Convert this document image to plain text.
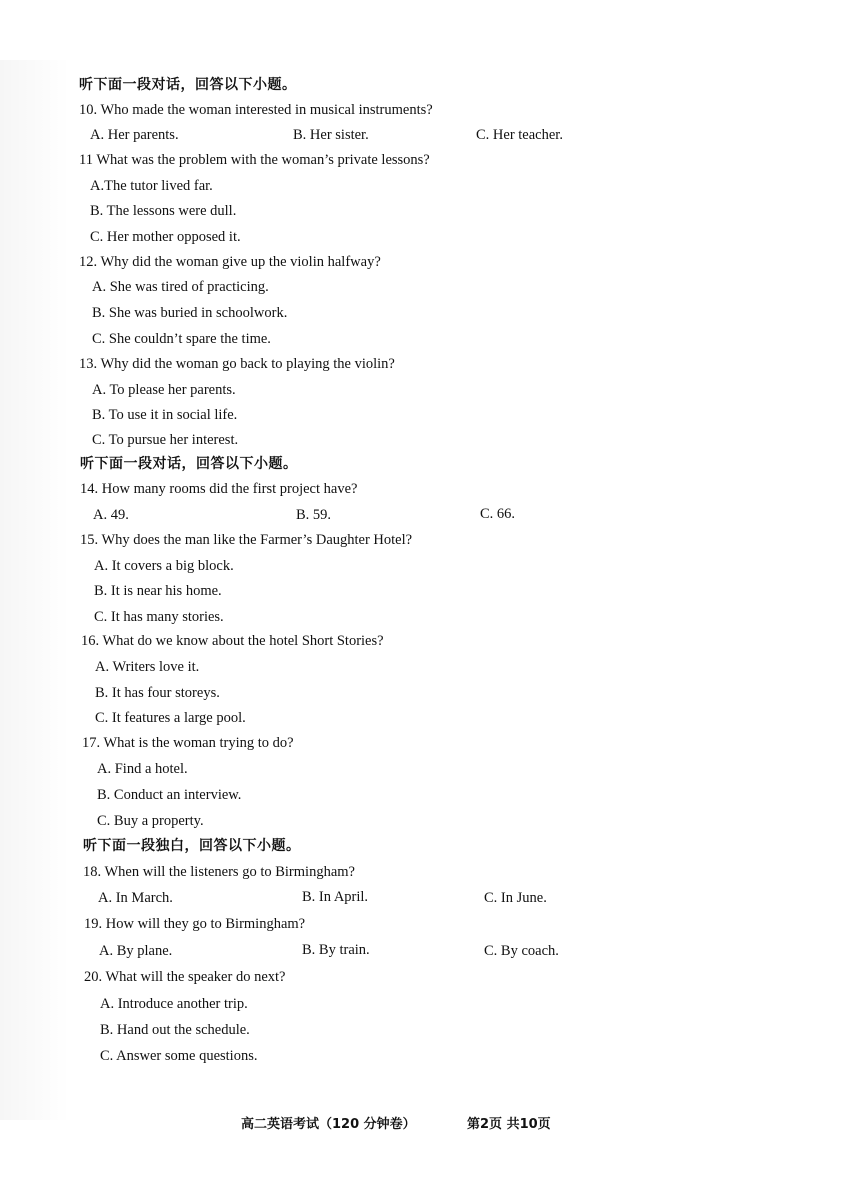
听下面一段对话，回答以下小题。
10. Who made the woman interested in musical instruments?
A. Her parents.	B. Her sister.	C. Her teacher.
11 What was the problem with the woman’s private lessons?
A.The tutor lived far.
B. The lessons were dull.
C. Her mother opposed it.
12. Why did the woman give up the violin halfway?
A. She was tired of practicing.
B. She was buried in schoolwork.
C. She couldn’t spare the time.
13. Why did the woman go back to playing the violin?
A. To please her parents.
B. To use it in social life.
C. To pursue her interest.
听下面一段对话，回答以下小题。
14. How many rooms did the first project have?
A. 49.	B. 59.	C. 66.
15. Why does the man like the Farmer’s Daughter Hotel?
A. It covers a big block.
B. It is near his home.
C. It has many stories.
16. What do we know about the hotel Short Stories?
A. Writers love it.
B. It has four storeys.
C. It features a large pool.
17. What is the woman trying to do?
A. Find a hotel.
B. Conduct an interview.
C. Buy a property.
听下面一段独白，回答以下小题。
18. When will the listeners go to Birmingham?
A. In March.	B. In April.	C. In June.
19. How will they go to Birmingham?
A. By plane.	B. By train.	C. By coach.
20. What will the speaker do next?
A. Introduce another trip.
B. Hand out the schedule.
C. Answer some questions.
高二英语考试（120 分钟卷）	第2页 共10页
